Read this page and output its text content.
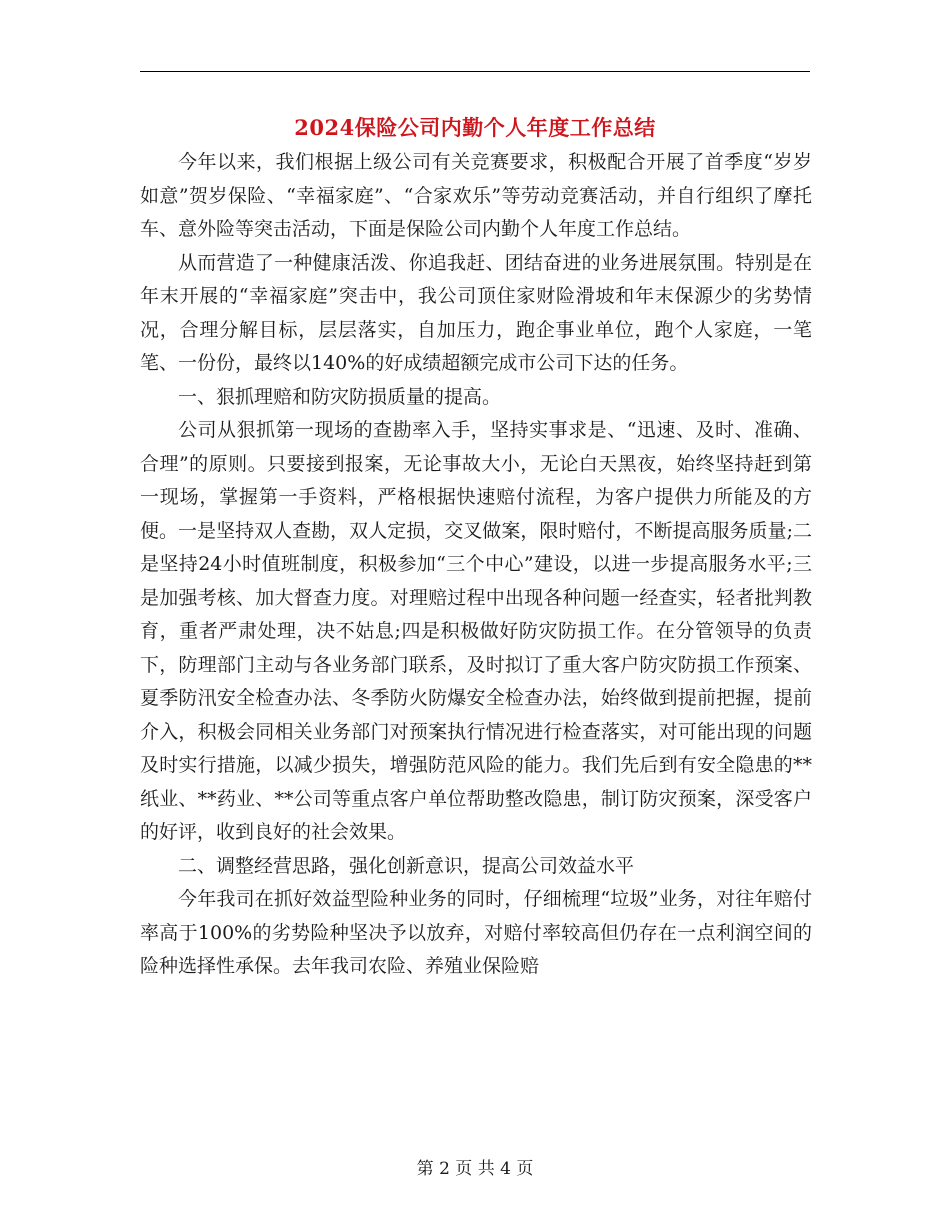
2024保险公司内勤个人年度工作总结

今年以来，我们根据上级公司有关竞赛要求，积极配合开展了首季度“岁岁如意”贺岁保险、“幸福家庭”、“合家欢乐”等劳动竞赛活动，并自行组织了摩托车、意外险等突击活动，下面是保险公司内勤个人年度工作总结。

从而营造了一种健康活泼、你追我赶、团结奋进的业务进展氛围。特别是在年末开展的“幸福家庭”突击中，我公司顶住家财险滑坡和年末保源少的劣势情况，合理分解目标，层层落实，自加压力，跑企事业单位，跑个人家庭，一笔笔、一份份，最终以140%的好成绩超额完成市公司下达的任务。

一、狠抓理赔和防灾防损质量的提高。

公司从狠抓第一现场的查勘率入手，坚持实事求是、“迅速、及时、准确、合理”的原则。只要接到报案，无论事故大小，无论白天黑夜，始终坚持赶到第一现场，掌握第一手资料，严格根据快速赔付流程，为客户提供力所能及的方便。一是坚持双人查勘，双人定损，交叉做案，限时赔付，不断提高服务质量;二是坚持24小时值班制度，积极参加“三个中心”建设，以进一步提高服务水平;三是加强考核、加大督查力度。对理赔过程中出现各种问题一经查实，轻者批判教育，重者严肃处理，决不姑息;四是积极做好防灾防损工作。在分管领导的负责下，防理部门主动与各业务部门联系，及时拟订了重大客户防灾防损工作预案、夏季防汛安全检查办法、冬季防火防爆安全检查办法，始终做到提前把握，提前介入，积极会同相关业务部门对预案执行情况进行检查落实，对可能出现的问题及时实行措施，以减少损失，增强防范风险的能力。我们先后到有安全隐患的**纸业、**药业、**公司等重点客户单位帮助整改隐患，制订防灾预案，深受客户的好评，收到良好的社会效果。

二、调整经营思路，强化创新意识，提高公司效益水平

今年我司在抓好效益型险种业务的同时，仔细梳理“垃圾”业务，对往年赔付率高于100%的劣势险种坚决予以放弃，对赔付率较高但仍存在一点利润空间的险种选择性承保。去年我司农险、养殖业保险赔

第 2 页 共 4 页
